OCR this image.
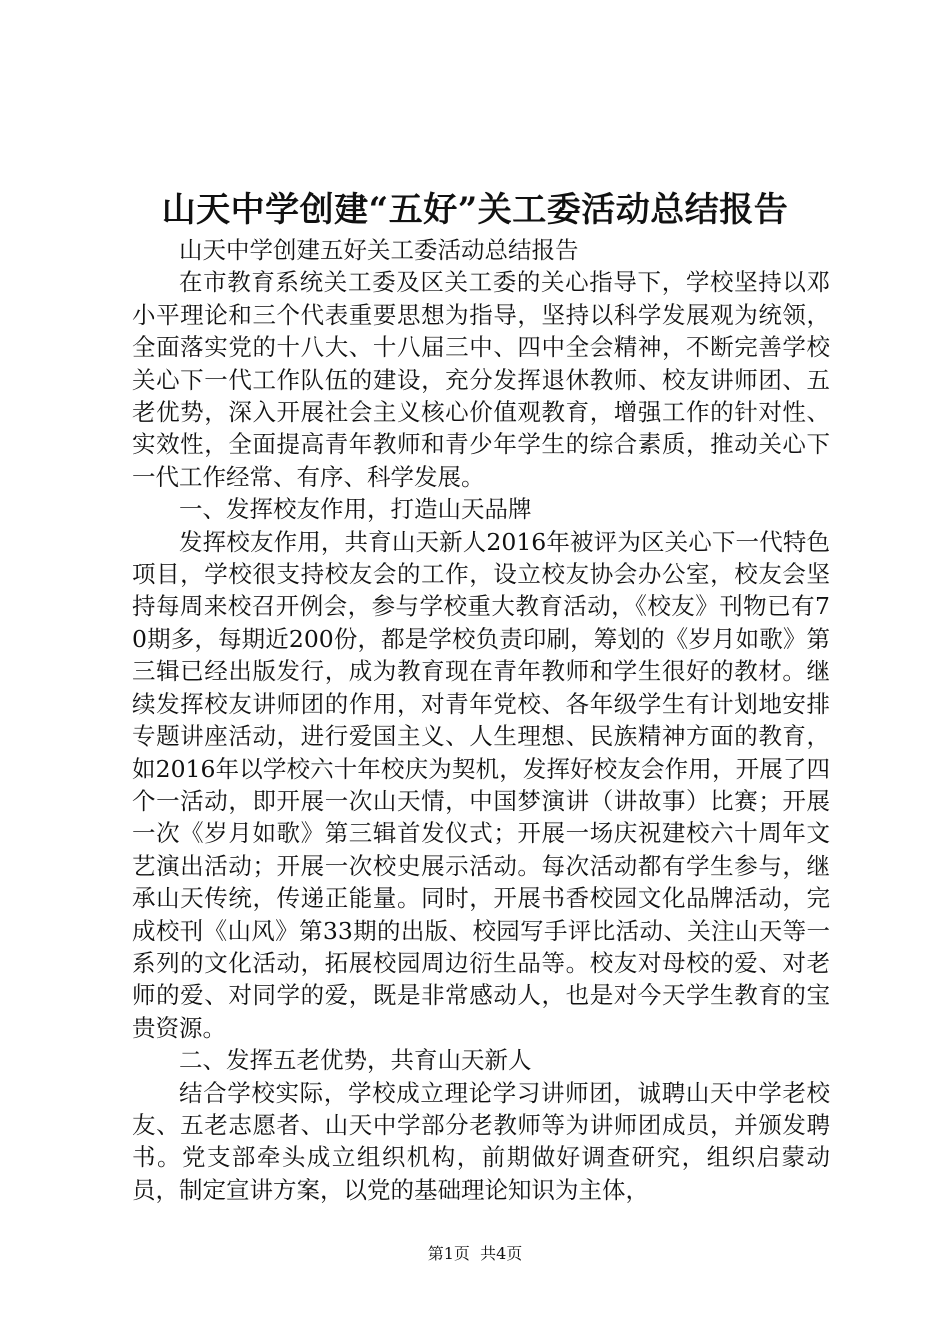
山天中学创建“五好”关工委活动总结报告

山天中学创建五好关工委活动总结报告

在市教育系统关工委及区关工委的关心指导下，学校坚持以邓小平理论和三个代表重要思想为指导，坚持以科学发展观为统领，全面落实党的十八大、十八届三中、四中全会精神，不断完善学校关心下一代工作队伍的建设，充分发挥退休教师、校友讲师团、五老优势，深入开展社会主义核心价值观教育，增强工作的针对性、实效性，全面提高青年教师和青少年学生的综合素质，推动关心下一代工作经常、有序、科学发展。

一、发挥校友作用，打造山天品牌

发挥校友作用，共育山天新人2016年被评为区关心下一代特色项目，学校很支持校友会的工作，设立校友协会办公室，校友会坚持每周来校召开例会，参与学校重大教育活动，《校友》刊物已有70期多，每期近200份，都是学校负责印刷，筹划的《岁月如歌》第三辑已经出版发行，成为教育现在青年教师和学生很好的教材。继续发挥校友讲师团的作用，对青年党校、各年级学生有计划地安排专题讲座活动，进行爱国主义、人生理想、民族精神方面的教育，如2016年以学校六十年校庆为契机，发挥好校友会作用，开展了四个一活动，即开展一次山天情，中国梦演讲（讲故事）比赛；开展一次《岁月如歌》第三辑首发仪式；开展一场庆祝建校六十周年文艺演出活动；开展一次校史展示活动。每次活动都有学生参与，继承山天传统，传递正能量。同时，开展书香校园文化品牌活动，完成校刊《山风》第33期的出版、校园写手评比活动、关注山天等一系列的文化活动，拓展校园周边衍生品等。校友对母校的爱、对老师的爱、对同学的爱，既是非常感动人，也是对今天学生教育的宝贵资源。

二、发挥五老优势，共育山天新人

结合学校实际，学校成立理论学习讲师团，诚聘山天中学老校友、五老志愿者、山天中学部分老教师等为讲师团成员，并颁发聘书。党支部牵头成立组织机构，前期做好调查研究，组织启蒙动员，制定宣讲方案，以党的基础理论知识为主体，

第1页  共4页
